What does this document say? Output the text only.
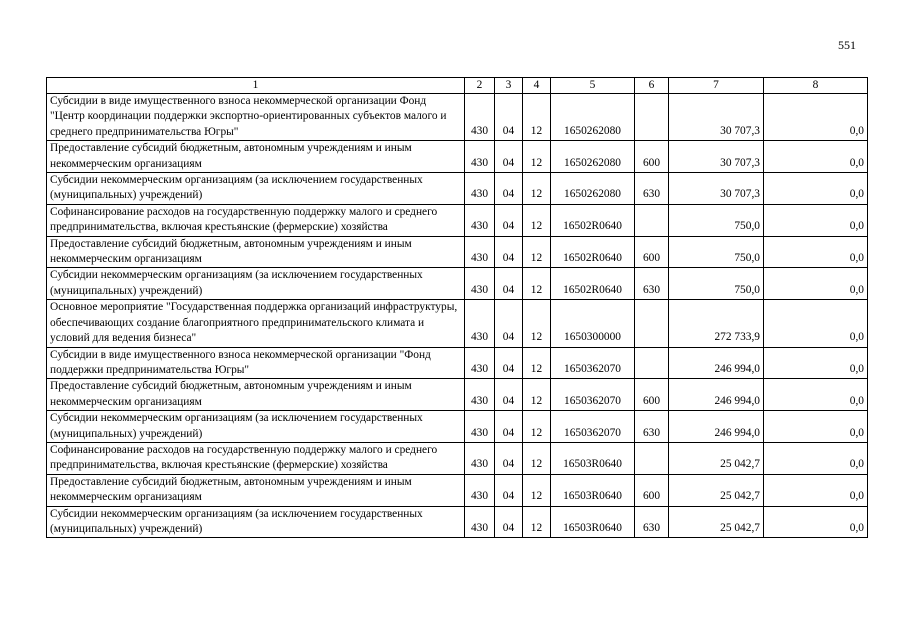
551
1	2	3	4	5	6	7	8
Субсидии в виде имущественного взноса некоммерческой организации Фонд "Центр координации поддержки экспортно-ориентированных субъектов малого и среднего предпринимательства Югры"	430	04	12	1650262080		30 707,3	0,0
Предоставление субсидий бюджетным, автономным учреждениям и иным некоммерческим организациям	430	04	12	1650262080	600	30 707,3	0,0
Субсидии некоммерческим организациям (за исключением государственных (муниципальных) учреждений)	430	04	12	1650262080	630	30 707,3	0,0
Софинансирование расходов на государственную поддержку малого и среднего предпринимательства, включая крестьянские (фермерские) хозяйства	430	04	12	16502R0640		750,0	0,0
Предоставление субсидий бюджетным, автономным учреждениям и иным некоммерческим организациям	430	04	12	16502R0640	600	750,0	0,0
Субсидии некоммерческим организациям (за исключением государственных (муниципальных) учреждений)	430	04	12	16502R0640	630	750,0	0,0
Основное мероприятие "Государственная поддержка организаций инфраструктуры, обеспечивающих создание благоприятного предпринимательского климата и условий для ведения бизнеса"	430	04	12	1650300000		272 733,9	0,0
Субсидии в виде имущественного взноса некоммерческой организации "Фонд поддержки предпринимательства Югры"	430	04	12	1650362070		246 994,0	0,0
Предоставление субсидий бюджетным, автономным учреждениям и иным некоммерческим организациям	430	04	12	1650362070	600	246 994,0	0,0
Субсидии некоммерческим организациям (за исключением государственных (муниципальных) учреждений)	430	04	12	1650362070	630	246 994,0	0,0
Софинансирование расходов на государственную поддержку малого и среднего предпринимательства, включая крестьянские (фермерские) хозяйства	430	04	12	16503R0640		25 042,7	0,0
Предоставление субсидий бюджетным, автономным учреждениям и иным некоммерческим организациям	430	04	12	16503R0640	600	25 042,7	0,0
Субсидии некоммерческим организациям (за исключением государственных (муниципальных) учреждений)	430	04	12	16503R0640	630	25 042,7	0,0
